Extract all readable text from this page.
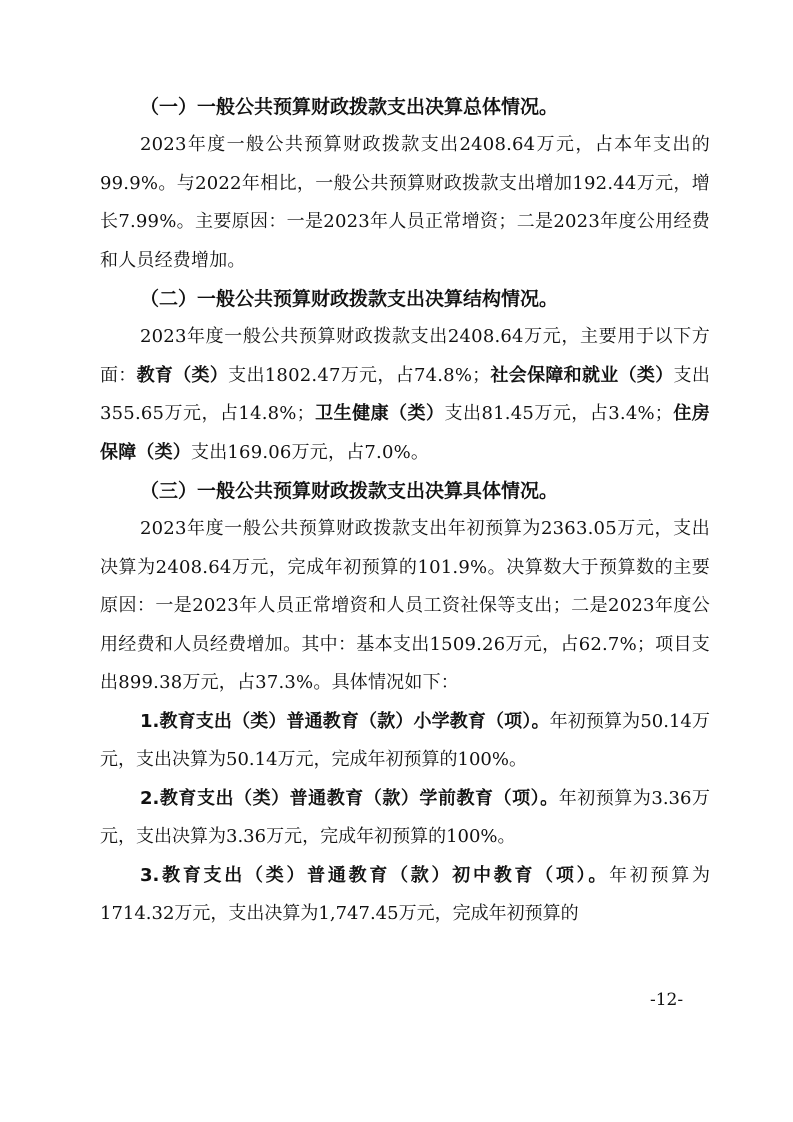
（一）一般公共预算财政拨款支出决算总体情况。

2023年度一般公共预算财政拨款支出2408.64万元，占本年支出的99.9%。与2022年相比，一般公共预算财政拨款支出增加192.44万元，增长7.99%。主要原因：一是2023年人员正常增资；二是2023年度公用经费和人员经费增加。

（二）一般公共预算财政拨款支出决算结构情况。

2023年度一般公共预算财政拨款支出2408.64万元，主要用于以下方面：教育（类）支出1802.47万元，占74.8%；社会保障和就业（类）支出355.65万元，占14.8%；卫生健康（类）支出81.45万元，占3.4%；住房保障（类）支出169.06万元，占7.0%。

（三）一般公共预算财政拨款支出决算具体情况。

2023年度一般公共预算财政拨款支出年初预算为2363.05万元，支出决算为2408.64万元，完成年初预算的101.9%。决算数大于预算数的主要原因：一是2023年人员正常增资和人员工资社保等支出；二是2023年度公用经费和人员经费增加。其中：基本支出1509.26万元，占62.7%；项目支出899.38万元，占37.3%。具体情况如下：

1.教育支出（类）普通教育（款）小学教育（项）。年初预算为50.14万元，支出决算为50.14万元，完成年初预算的100%。

2.教育支出（类）普通教育（款）学前教育（项）。年初预算为3.36万元，支出决算为3.36万元，完成年初预算的100%。

3.教育支出（类）普通教育（款）初中教育（项）。年初预算为1714.32万元，支出决算为1,747.45万元，完成年初预算的

-12-
